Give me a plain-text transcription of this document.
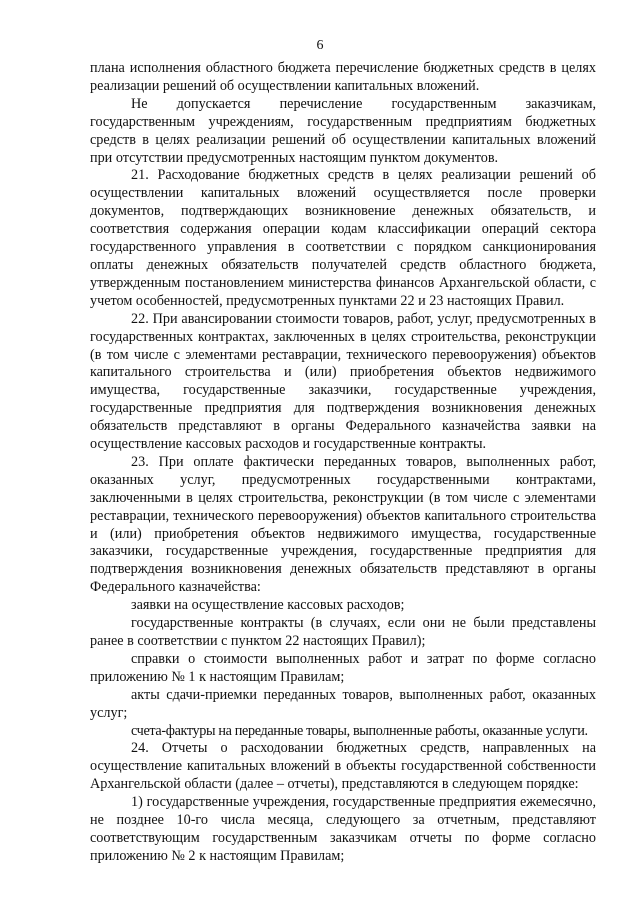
6

плана исполнения областного бюджета перечисление бюджетных средств в целях реализации решений об осуществлении капитальных вложений.

Не допускается перечисление государственным заказчикам, государственным учреждениям, государственным предприятиям бюджетных средств в целях реализации решений об осуществлении капитальных вложений при отсутствии предусмотренных настоящим пунктом документов.

21. Расходование бюджетных средств в целях реализации решений об осуществлении капитальных вложений осуществляется после проверки документов, подтверждающих возникновение денежных обязательств, и соответствия содержания операции кодам классификации операций сектора государственного управления в соответствии с порядком санкционирования оплаты денежных обязательств получателей средств областного бюджета, утвержденным постановлением министерства финансов Архангельской области, с учетом особенностей, предусмотренных пунктами 22 и 23 настоящих Правил.

22. При авансировании стоимости товаров, работ, услуг, предусмотренных в государственных контрактах, заключенных в целях строительства, реконструкции (в том числе с элементами реставрации, технического перевооружения) объектов капитального строительства и (или) приобретения объектов недвижимого имущества, государственные заказчики, государственные учреждения, государственные предприятия для подтверждения возникновения денежных обязательств представляют в органы Федерального казначейства заявки на осуществление кассовых расходов и государственные контракты.

23. При оплате фактически переданных товаров, выполненных работ, оказанных услуг, предусмотренных государственными контрактами, заключенными в целях строительства, реконструкции (в том числе с элементами реставрации, технического перевооружения) объектов капитального строительства и (или) приобретения объектов недвижимого имущества, государственные заказчики, государственные учреждения, государственные предприятия для подтверждения возникновения денежных обязательств представляют в органы Федерального казначейства:

заявки на осуществление кассовых расходов;

государственные контракты (в случаях, если они не были представлены ранее в соответствии с пунктом 22 настоящих Правил);

справки о стоимости выполненных работ и затрат по форме согласно приложению № 1 к настоящим Правилам;

акты сдачи-приемки переданных товаров, выполненных работ, оказанных услуг;

счета-фактуры на переданные товары, выполненные работы, оказанные услуги.

24. Отчеты о расходовании бюджетных средств, направленных на осуществление капитальных вложений в объекты государственной собственности Архангельской области (далее – отчеты), представляются в следующем порядке:

1) государственные учреждения, государственные предприятия ежемесячно, не позднее 10-го числа месяца, следующего за отчетным, представляют соответствующим государственным заказчикам отчеты по форме согласно приложению № 2 к настоящим Правилам;
